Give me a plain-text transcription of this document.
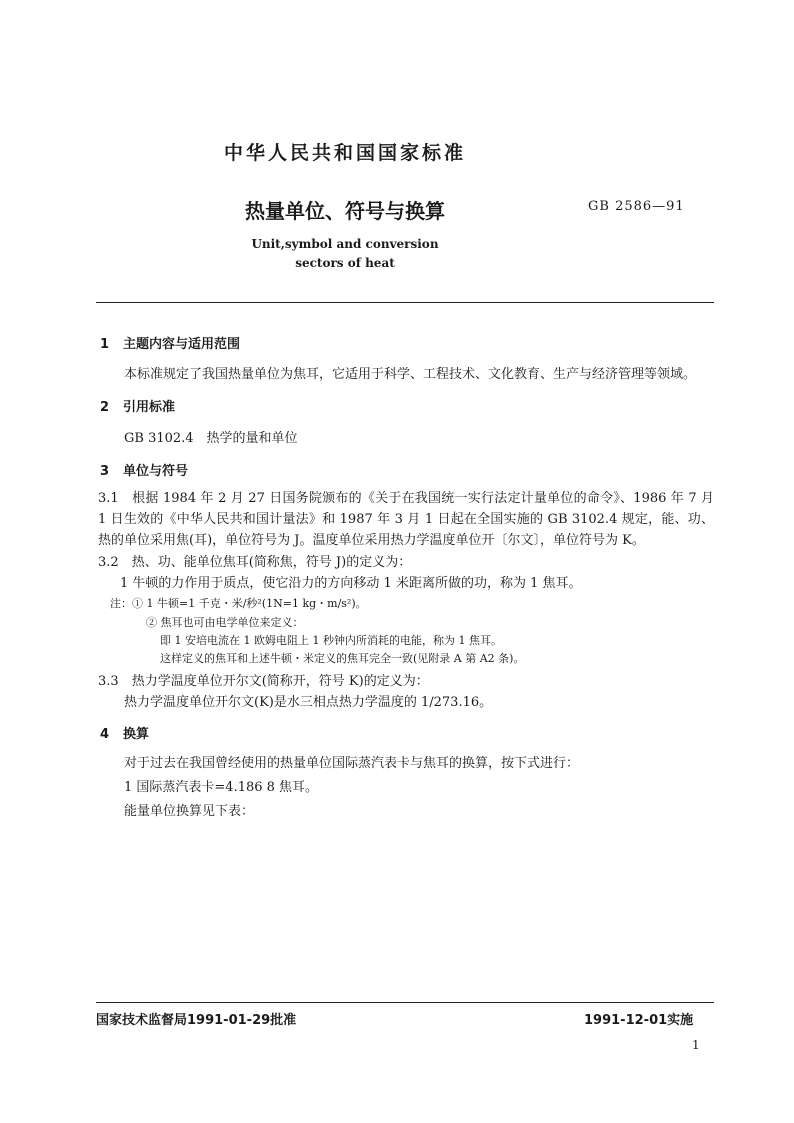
中华人民共和国国家标准
热量单位、符号与换算	GB 2586—91
Unit,symbol and conversion
sectors of heat
1 主题内容与适用范围
本标准规定了我国热量单位为焦耳，它适用于科学、工程技术、文化教育、生产与经济管理等领域。
2 引用标准
GB 3102.4　热学的量和单位
3 单位与符号
3.1　 根据 1984 年 2 月 27 日国务院颁布的《关于在我国统一实行法定计量单位的命令》、1986 年 7 月 1 日生效的《中华人民共和国计量法》和 1987 年 3 月 1 日起在全国实施的 GB 3102.4 规定，能、功、热的单位采用焦(耳)，单位符号为 J。温度单位采用热力学温度单位开〔尔文〕，单位符号为 K。
3.2　 热、功、能单位焦耳(简称焦，符号 J)的定义为：
1 牛顿的力作用于质点，使它沿力的方向移动 1 米距离所做的功，称为 1 焦耳。
注：① 1 牛顿=1 千克・米/秒²(1N=1 kg・m/s²)。
② 焦耳也可由电学单位来定义：
即 1 安培电流在 1 欧姆电阻上 1 秒钟内所消耗的电能，称为 1 焦耳。
这样定义的焦耳和上述牛顿・米定义的焦耳完全一致(见附录 A 第 A2 条)。
3.3　 热力学温度单位开尔文(简称开，符号 K)的定义为：
热力学温度单位开尔文(K)是水三相点热力学温度的 1/273.16。
4 换算
对于过去在我国曾经使用的热量单位国际蒸汽表卡与焦耳的换算，按下式进行：
1 国际蒸汽表卡=4.186 8 焦耳。
能量单位换算见下表：
国家技术监督局1991-01-29批准	1991-12-01实施
1
